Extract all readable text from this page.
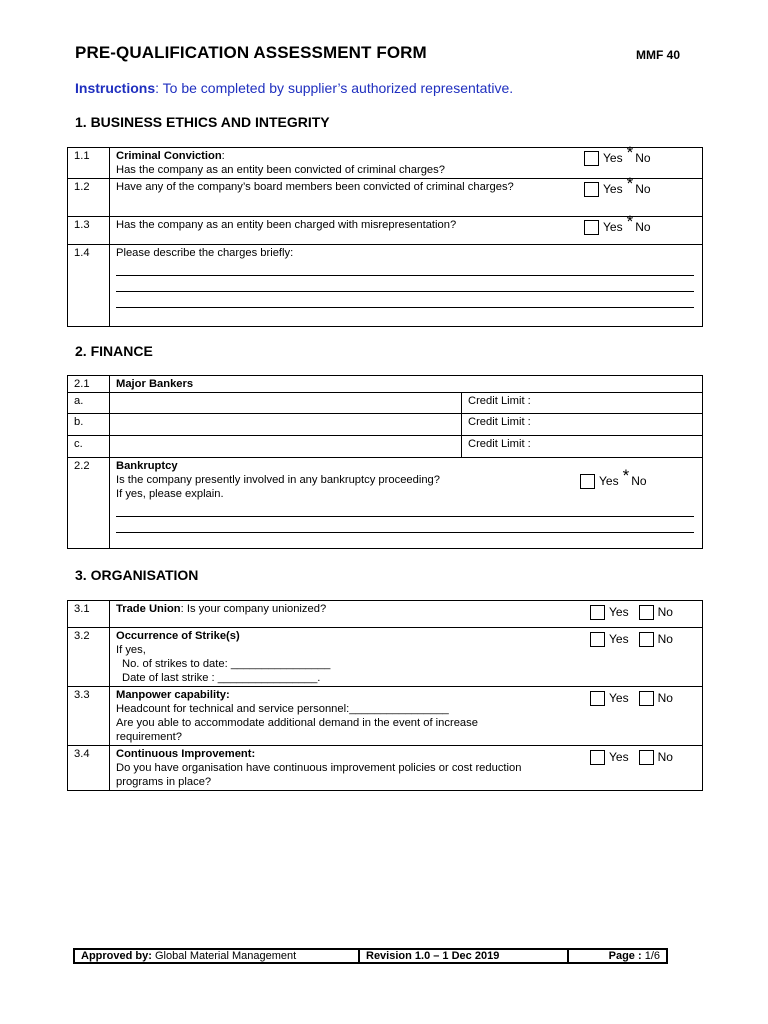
PRE-QUALIFICATION ASSESSMENT FORM	MMF 40
Instructions: To be completed by supplier’s authorized representative.
1. BUSINESS ETHICS AND INTEGRITY
1.1	Criminal Conviction:
Has the company as an entity been convicted of criminal charges?
Yes * No

1.2	Have any of the company’s board members been convicted of criminal charges? Yes * No

1.3	Has the company as an entity been charged with misrepresentation? Yes * No

1.4	Please describe the charges briefly:
2. FINANCE
2.1	Major Bankers	
a.		Credit Limit :
b.		Credit Limit :
c.		Credit Limit :
2.2	Bankruptcy
Is the company presently involved in any bankruptcy proceeding?
If yes, please explain.
Yes * No	
3. ORGANISATION
3.1	Trade Union: Is your company unionized? Yes No

3.2	Occurrence of Strike(s)
If yes,
No. of strikes to date: ________________
Date of last strike : ________________.
Yes No

3.3	Manpower capability:
Headcount for technical and service personnel:________________

Are you able to accommodate additional demand in the event of increase requirement?
Yes No

3.4	Continuous Improvement:

Do you have organisation have continuous improvement policies or cost reduction programs in place?
Yes No
Approved by: Global Material Management	Revision 1.0 – 1 Dec 2019	Page : 1/6
